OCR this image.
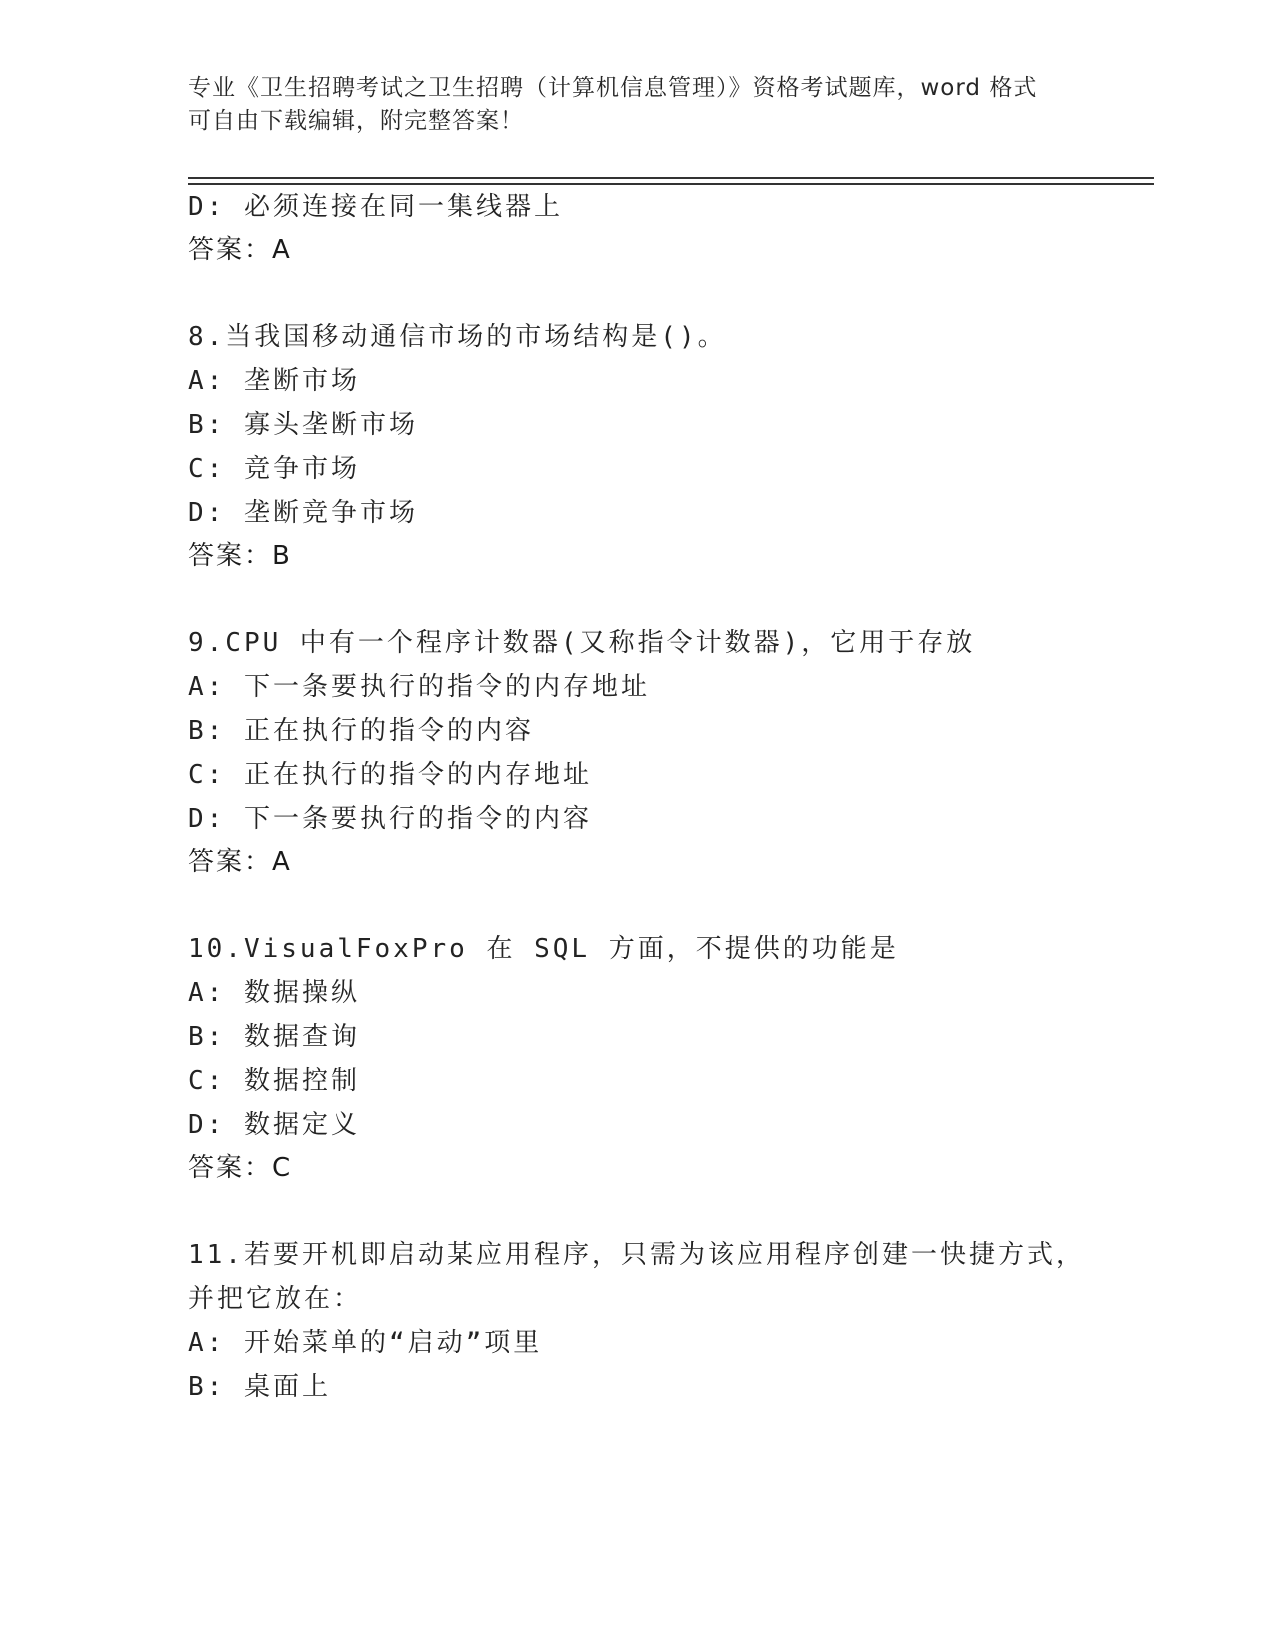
专业《卫生招聘考试之卫生招聘（计算机信息管理）》资格考试题库，word 格式
可自由下载编辑，附完整答案！
D: 必须连接在同一集线器上
答案：A
8.当我国移动通信市场的市场结构是()。
A: 垄断市场
B: 寡头垄断市场
C: 竞争市场
D: 垄断竞争市场
答案：B
9.CPU 中有一个程序计数器(又称指令计数器)，它用于存放
A: 下一条要执行的指令的内存地址
B: 正在执行的指令的内容
C: 正在执行的指令的内存地址
D: 下一条要执行的指令的内容
答案：A
10.VisualFoxPro 在 SQL 方面，不提供的功能是
A: 数据操纵
B: 数据查询
C: 数据控制
D: 数据定义
答案：C
11.若要开机即启动某应用程序，只需为该应用程序创建一快捷方式，
并把它放在：
A: 开始菜单的“启动”项里
B: 桌面上
